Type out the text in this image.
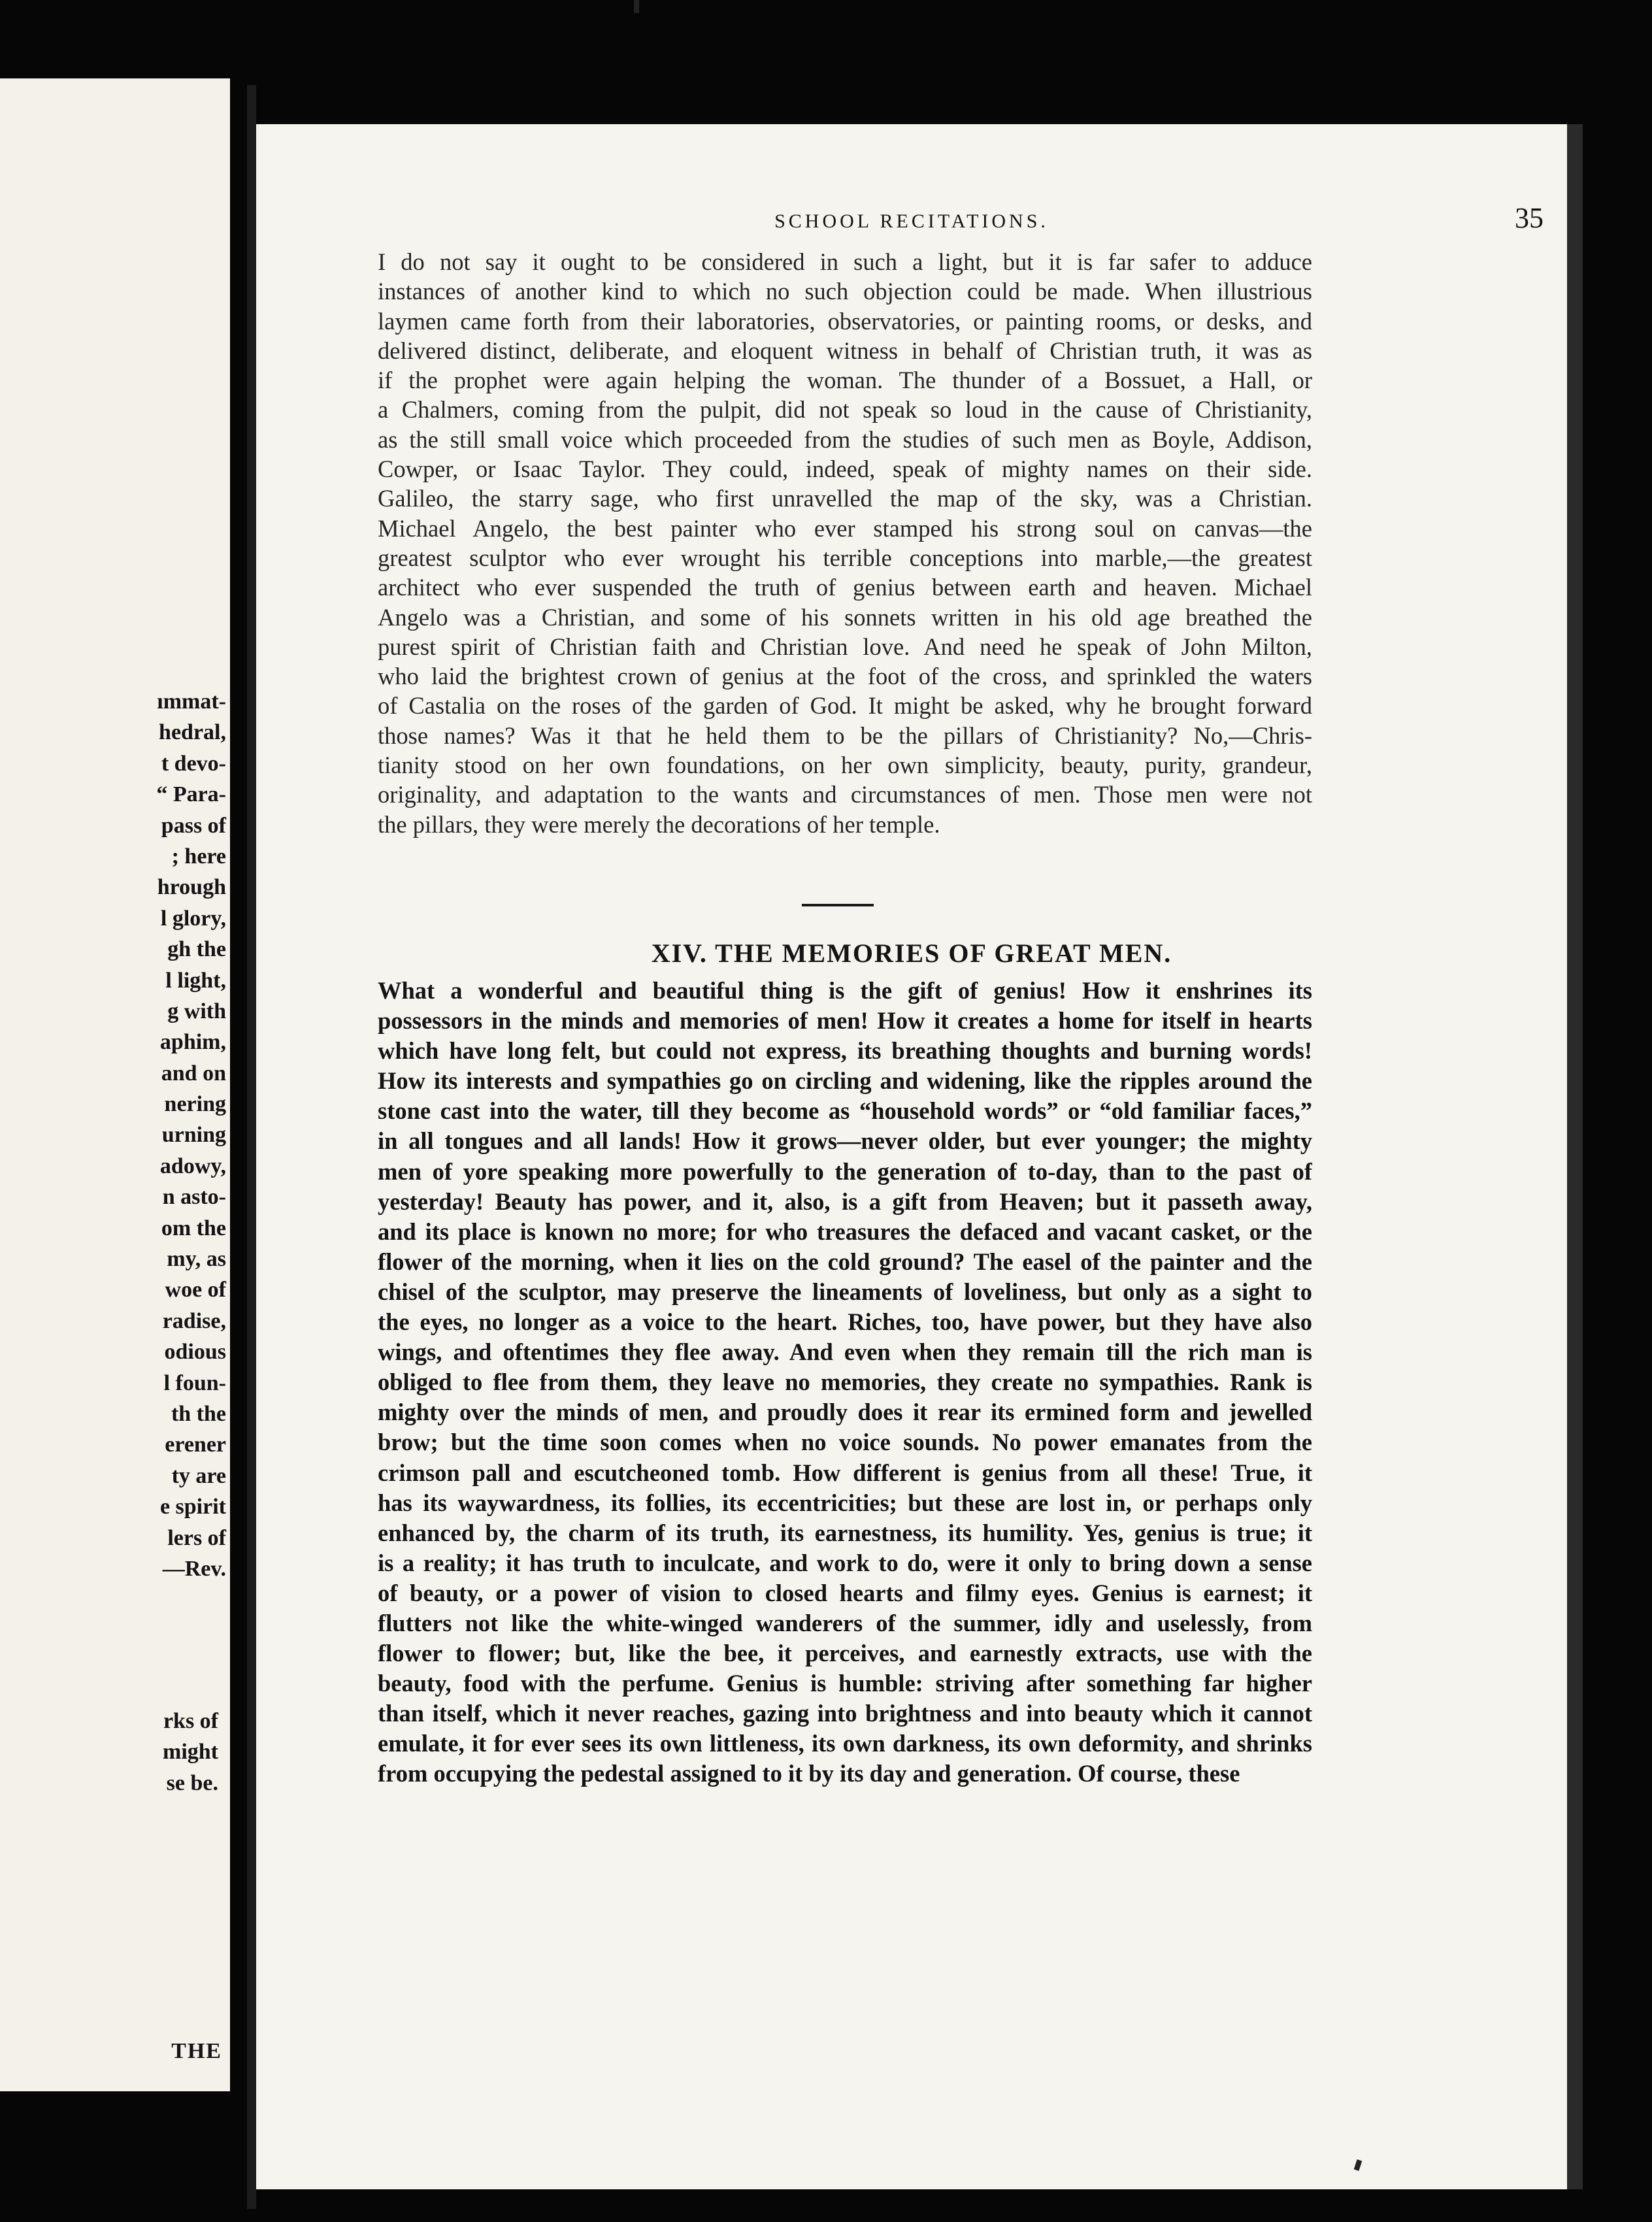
ımmat-
hedral,
t devo-
“ Para-
pass of
; here
hrough
l glory,
gh the
l light,
g with
aphim,
and on
nering
urning
adowy,
n asto-
om the
my, as
woe of
radise,
odious
l foun-
th the
erener
ty are
e spirit
lers of
—Rev.
THE
rks of
might
se be.
SCHOOL RECITATIONS.	35
I do not say it ought to be considered in such a light, but it is far safer to adduce
instances of another kind to which no such objection could be made. When illustrious
laymen came forth from their laboratories, observatories, or painting rooms, or desks, and
delivered distinct, deliberate, and eloquent witness in behalf of Christian truth, it was as
if the prophet were again helping the woman. The thunder of a Bossuet, a Hall, or
a Chalmers, coming from the pulpit, did not speak so loud in the cause of Christianity,
as the still small voice which proceeded from the studies of such men as Boyle, Addison,
Cowper, or Isaac Taylor. They could, indeed, speak of mighty names on their side.
Galileo, the starry sage, who first unravelled the map of the sky, was a Christian.
Michael Angelo, the best painter who ever stamped his strong soul on canvas—the
greatest sculptor who ever wrought his terrible conceptions into marble,—the greatest
architect who ever suspended the truth of genius between earth and heaven. Michael
Angelo was a Christian, and some of his sonnets written in his old age breathed the
purest spirit of Christian faith and Christian love. And need he speak of John Milton,
who laid the brightest crown of genius at the foot of the cross, and sprinkled the waters
of Castalia on the roses of the garden of God. It might be asked, why he brought forward
those names? Was it that he held them to be the pillars of Christianity? No,—Chris-
tianity stood on her own foundations, on her own simplicity, beauty, purity, grandeur,
originality, and adaptation to the wants and circumstances of men. Those men were not
the pillars, they were merely the decorations of her temple.
XIV. THE MEMORIES OF GREAT MEN.
What a wonderful and beautiful thing is the gift of genius! How it enshrines its
possessors in the minds and memories of men! How it creates a home for itself in hearts
which have long felt, but could not express, its breathing thoughts and burning words!
How its interests and sympathies go on circling and widening, like the ripples around the
stone cast into the water, till they become as “household words” or “old familiar faces,”
in all tongues and all lands! How it grows—never older, but ever younger; the mighty
men of yore speaking more powerfully to the generation of to-day, than to the past of
yesterday! Beauty has power, and it, also, is a gift from Heaven; but it passeth away,
and its place is known no more; for who treasures the defaced and vacant casket, or the
flower of the morning, when it lies on the cold ground? The easel of the painter and the
chisel of the sculptor, may preserve the lineaments of loveliness, but only as a sight to
the eyes, no longer as a voice to the heart. Riches, too, have power, but they have also
wings, and oftentimes they flee away. And even when they remain till the rich man is
obliged to flee from them, they leave no memories, they create no sympathies. Rank is
mighty over the minds of men, and proudly does it rear its ermined form and jewelled
brow; but the time soon comes when no voice sounds. No power emanates from the
crimson pall and escutcheoned tomb. How different is genius from all these! True, it
has its waywardness, its follies, its eccentricities; but these are lost in, or perhaps only
enhanced by, the charm of its truth, its earnestness, its humility. Yes, genius is true; it
is a reality; it has truth to inculcate, and work to do, were it only to bring down a sense
of beauty, or a power of vision to closed hearts and filmy eyes. Genius is earnest; it
flutters not like the white-winged wanderers of the summer, idly and uselessly, from
flower to flower; but, like the bee, it perceives, and earnestly extracts, use with the
beauty, food with the perfume. Genius is humble: striving after something far higher
than itself, which it never reaches, gazing into brightness and into beauty which it cannot
emulate, it for ever sees its own littleness, its own darkness, its own deformity, and shrinks
from occupying the pedestal assigned to it by its day and generation. Of course, these
